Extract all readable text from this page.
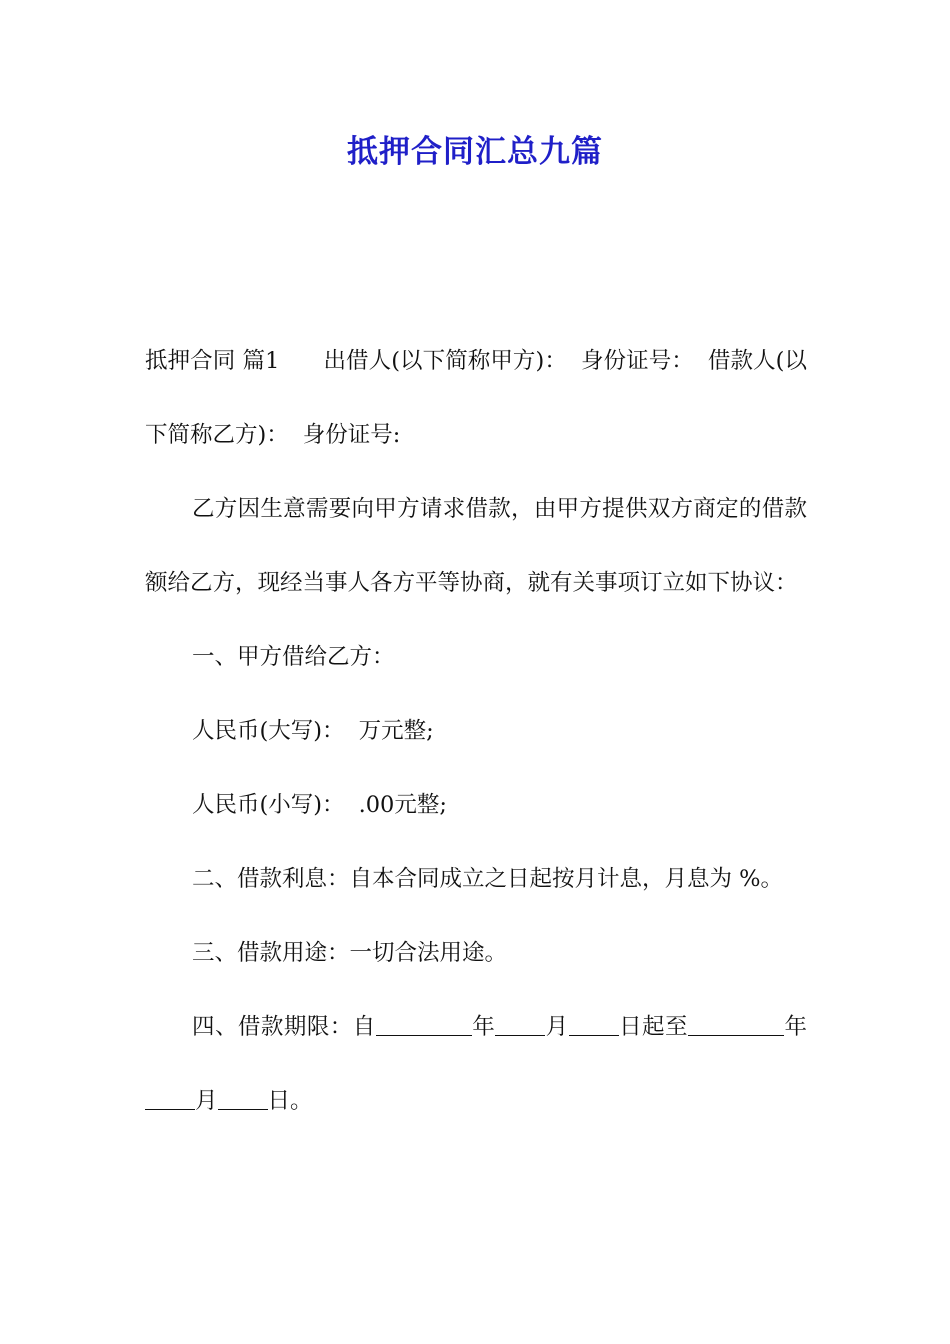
抵押合同汇总九篇

抵押合同 篇1 出借人(以下简称甲方)： 身份证号： 借款人(以下简称乙方)： 身份证号:

乙方因生意需要向甲方请求借款，由甲方提供双方商定的借款额给乙方，现经当事人各方平等协商，就有关事项订立如下协议：

一、甲方借给乙方：

人民币(大写)： 万元整;

人民币(小写)： .00元整;

二、借款利息：自本合同成立之日起按月计息，月息为 %。

三、借款用途：一切合法用途。

四、借款期限：自	年 月 日起至	年月 日。
